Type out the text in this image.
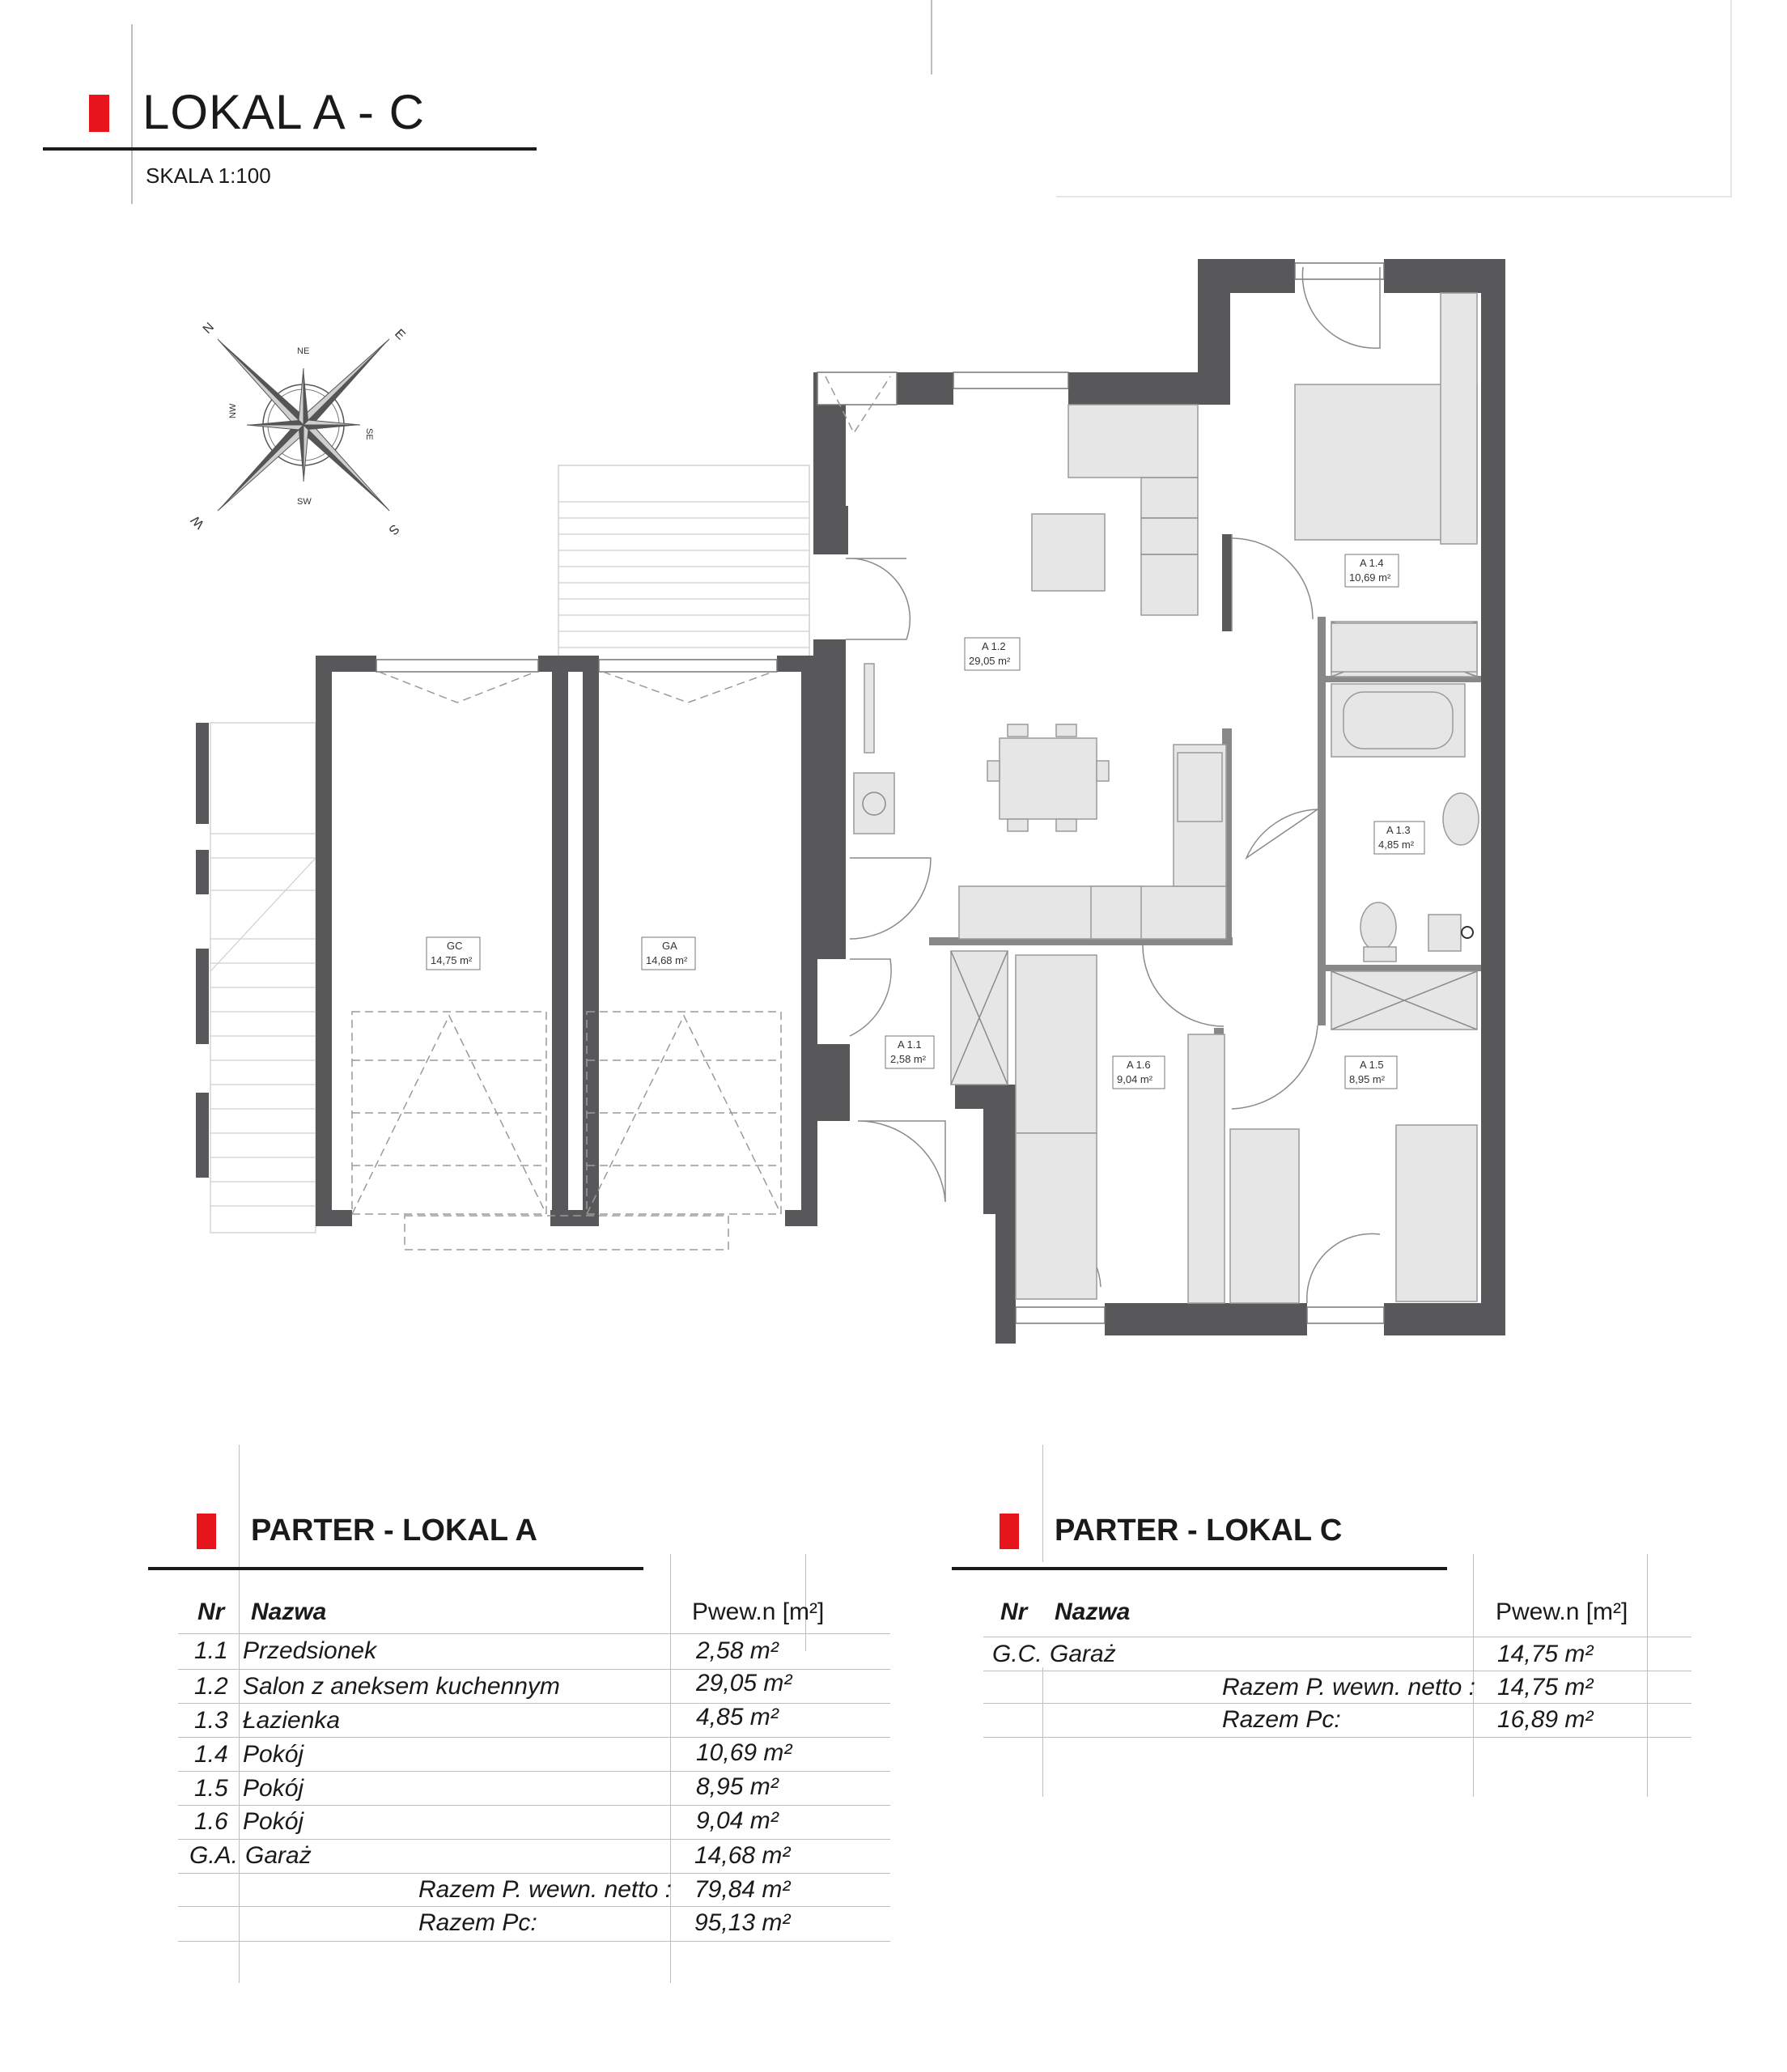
LOKAL A - C
SKALA 1:100
N	E
S
W
NE
SE
SW
NW
A 1.1
2,58 m²
A 1.2
29,05 m²
A 1.3
4,85 m²
A 1.4
10,69 m²
A 1.5
8,95 m²
A 1.6
9,04 m²
GC
14,75 m²
GA
14,68 m²
PARTER - LOKAL A
Nr Nazwa	Pwew.n [m²]
1.1 Przedsionek	2,58 m²
1.2 Salon z aneksem kuchennym	29,05 m²
1.3 Łazienka	4,85 m²
1.4 Pokój	10,69 m²
1.5 Pokój	8,95 m²
1.6 Pokój	9,04 m²
G.A. Garaż	14,68 m²
Razem P. wewn. netto : 79,84 m²
Razem Pc:	95,13 m²
PARTER - LOKAL C
Nr Nazwa	Pwew.n [m²]
G.C. Garaż	14,75 m²
Razem P. wewn. netto : 14,75 m²
Razem Pc:	16,89 m²
